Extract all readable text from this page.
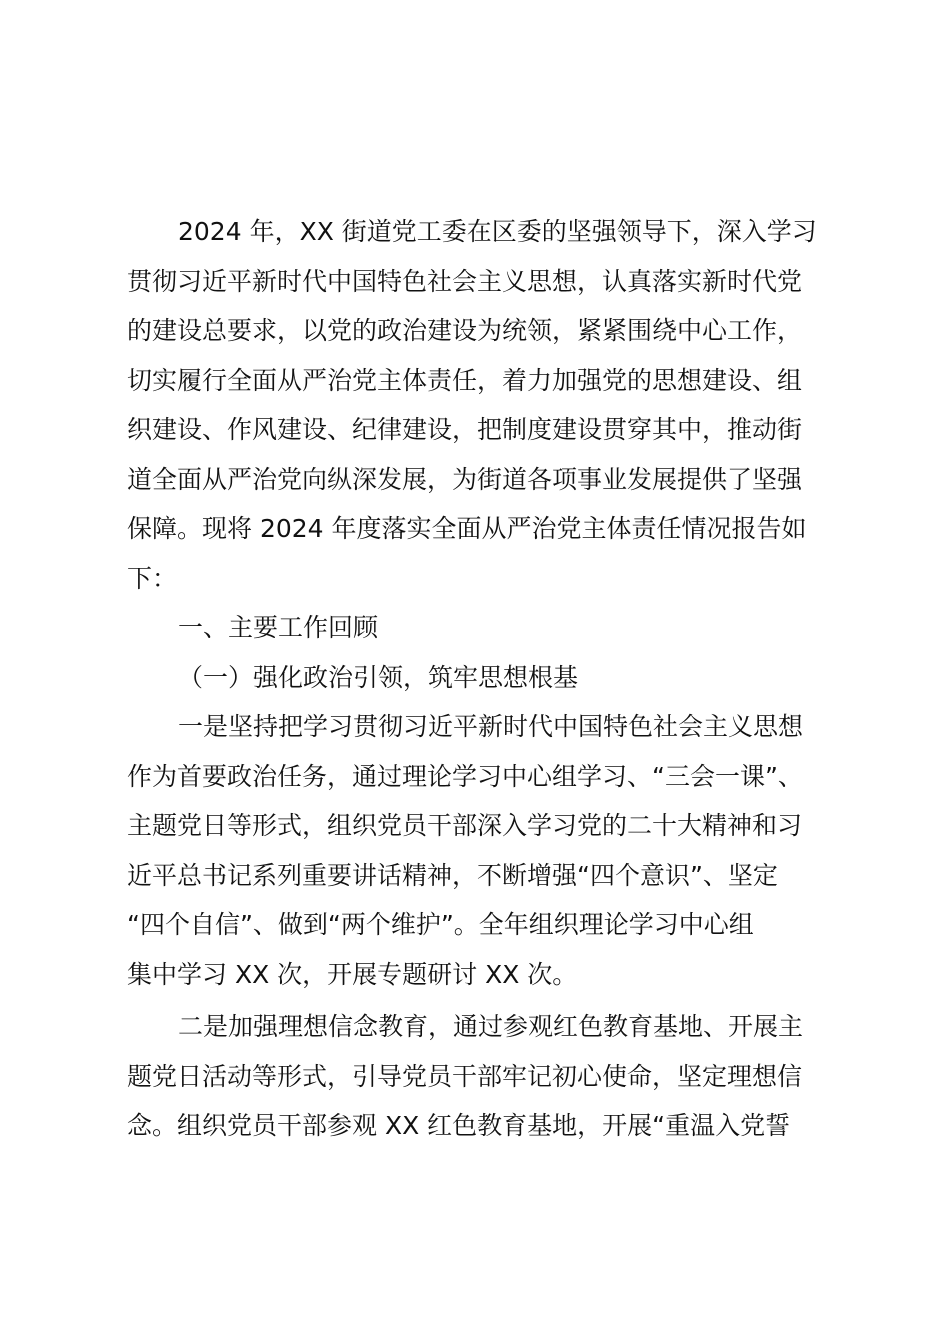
2024 年，XX 街道党工委在区委的坚强领导下，深入学习
贯彻习近平新时代中国特色社会主义思想，认真落实新时代党
的建设总要求，以党的政治建设为统领，紧紧围绕中心工作，
切实履行全面从严治党主体责任，着力加强党的思想建设、组
织建设、作风建设、纪律建设，把制度建设贯穿其中，推动街
道全面从严治党向纵深发展，为街道各项事业发展提供了坚强
保障。现将 2024 年度落实全面从严治党主体责任情况报告如
下：
一、主要工作回顾
（一）强化政治引领，筑牢思想根基
一是坚持把学习贯彻习近平新时代中国特色社会主义思想
作为首要政治任务，通过理论学习中心组学习、“三会一课”、
主题党日等形式，组织党员干部深入学习党的二十大精神和习
近平总书记系列重要讲话精神，不断增强“四个意识”、坚定
“四个自信”、做到“两个维护”。全年组织理论学习中心组
集中学习 XX 次，开展专题研讨 XX 次。
二是加强理想信念教育，通过参观红色教育基地、开展主
题党日活动等形式，引导党员干部牢记初心使命，坚定理想信
念。组织党员干部参观 XX 红色教育基地，开展“重温入党誓
